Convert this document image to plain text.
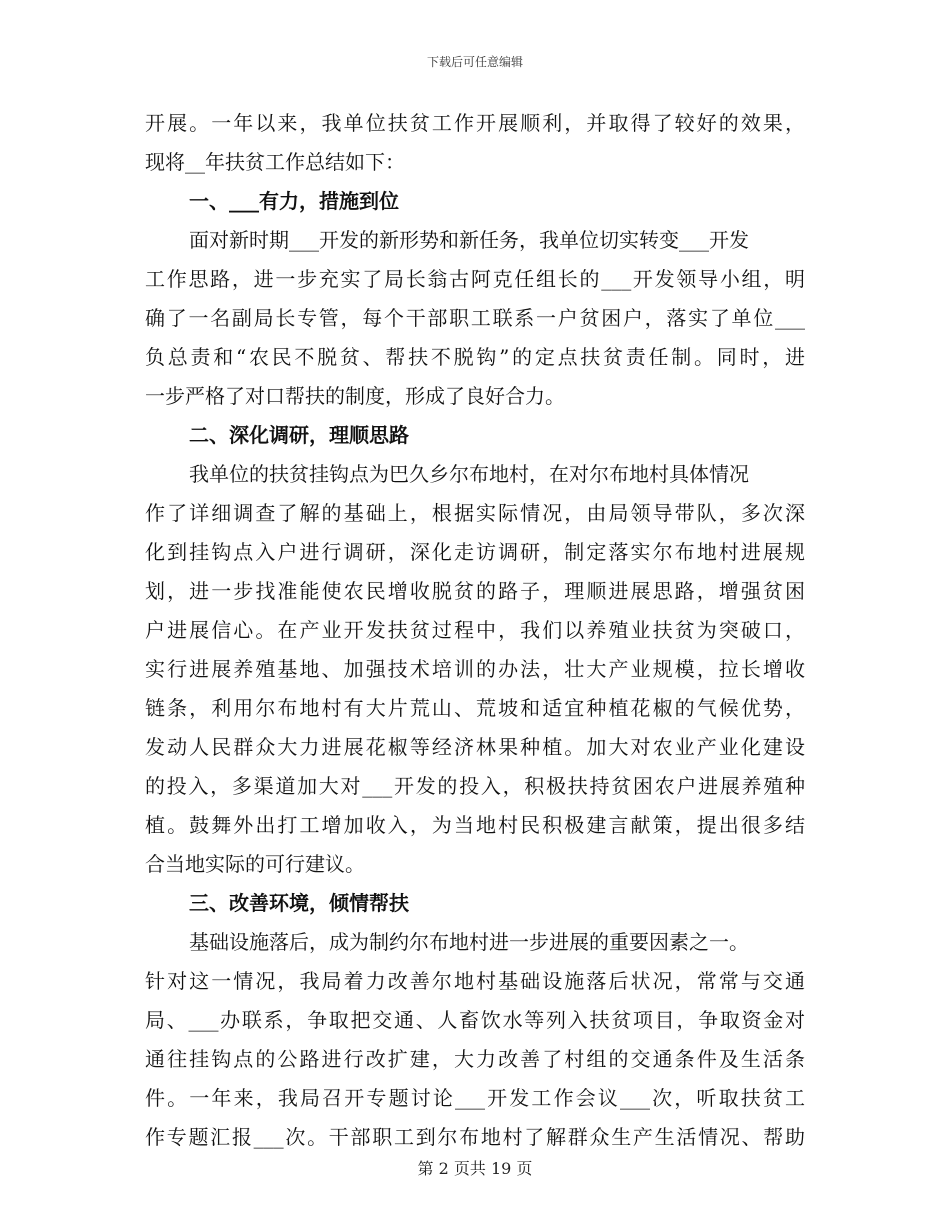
下载后可任意编辑
开展。一年以来，我单位扶贫工作开展顺利，并取得了较好的效果，
现将__年扶贫工作总结如下：
一、___有力，措施到位
面对新时期___开发的新形势和新任务，我单位切实转变___开发
工作思路，进一步充实了局长翁古阿克任组长的___开发领导小组，明
确了一名副局长专管，每个干部职工联系一户贫困户，落实了单位___
负总责和“农民不脱贫、帮扶不脱钩”的定点扶贫责任制。同时，进
一步严格了对口帮扶的制度，形成了良好合力。
二、深化调研，理顺思路
我单位的扶贫挂钩点为巴久乡尔布地村，在对尔布地村具体情况
作了详细调查了解的基础上，根据实际情况，由局领导带队，多次深
化到挂钩点入户进行调研，深化走访调研，制定落实尔布地村进展规
划，进一步找准能使农民增收脱贫的路子，理顺进展思路，增强贫困
户进展信心。在产业开发扶贫过程中，我们以养殖业扶贫为突破口，
实行进展养殖基地、加强技术培训的办法，壮大产业规模，拉长增收
链条，利用尔布地村有大片荒山、荒坡和适宜种植花椒的气候优势，
发动人民群众大力进展花椒等经济林果种植。加大对农业产业化建设
的投入，多渠道加大对___开发的投入，积极扶持贫困农户进展养殖种
植。鼓舞外出打工增加收入，为当地村民积极建言献策，提出很多结
合当地实际的可行建议。
三、改善环境，倾情帮扶
基础设施落后，成为制约尔布地村进一步进展的重要因素之一。
针对这一情况，我局着力改善尔地村基础设施落后状况，常常与交通
局、___办联系，争取把交通、人畜饮水等列入扶贫项目，争取资金对
通往挂钩点的公路进行改扩建，大力改善了村组的交通条件及生活条
件。一年来，我局召开专题讨论___开发工作会议___次，听取扶贫工
作专题汇报___次。干部职工到尔布地村了解群众生产生活情况、帮助
第 2 页共 19 页
